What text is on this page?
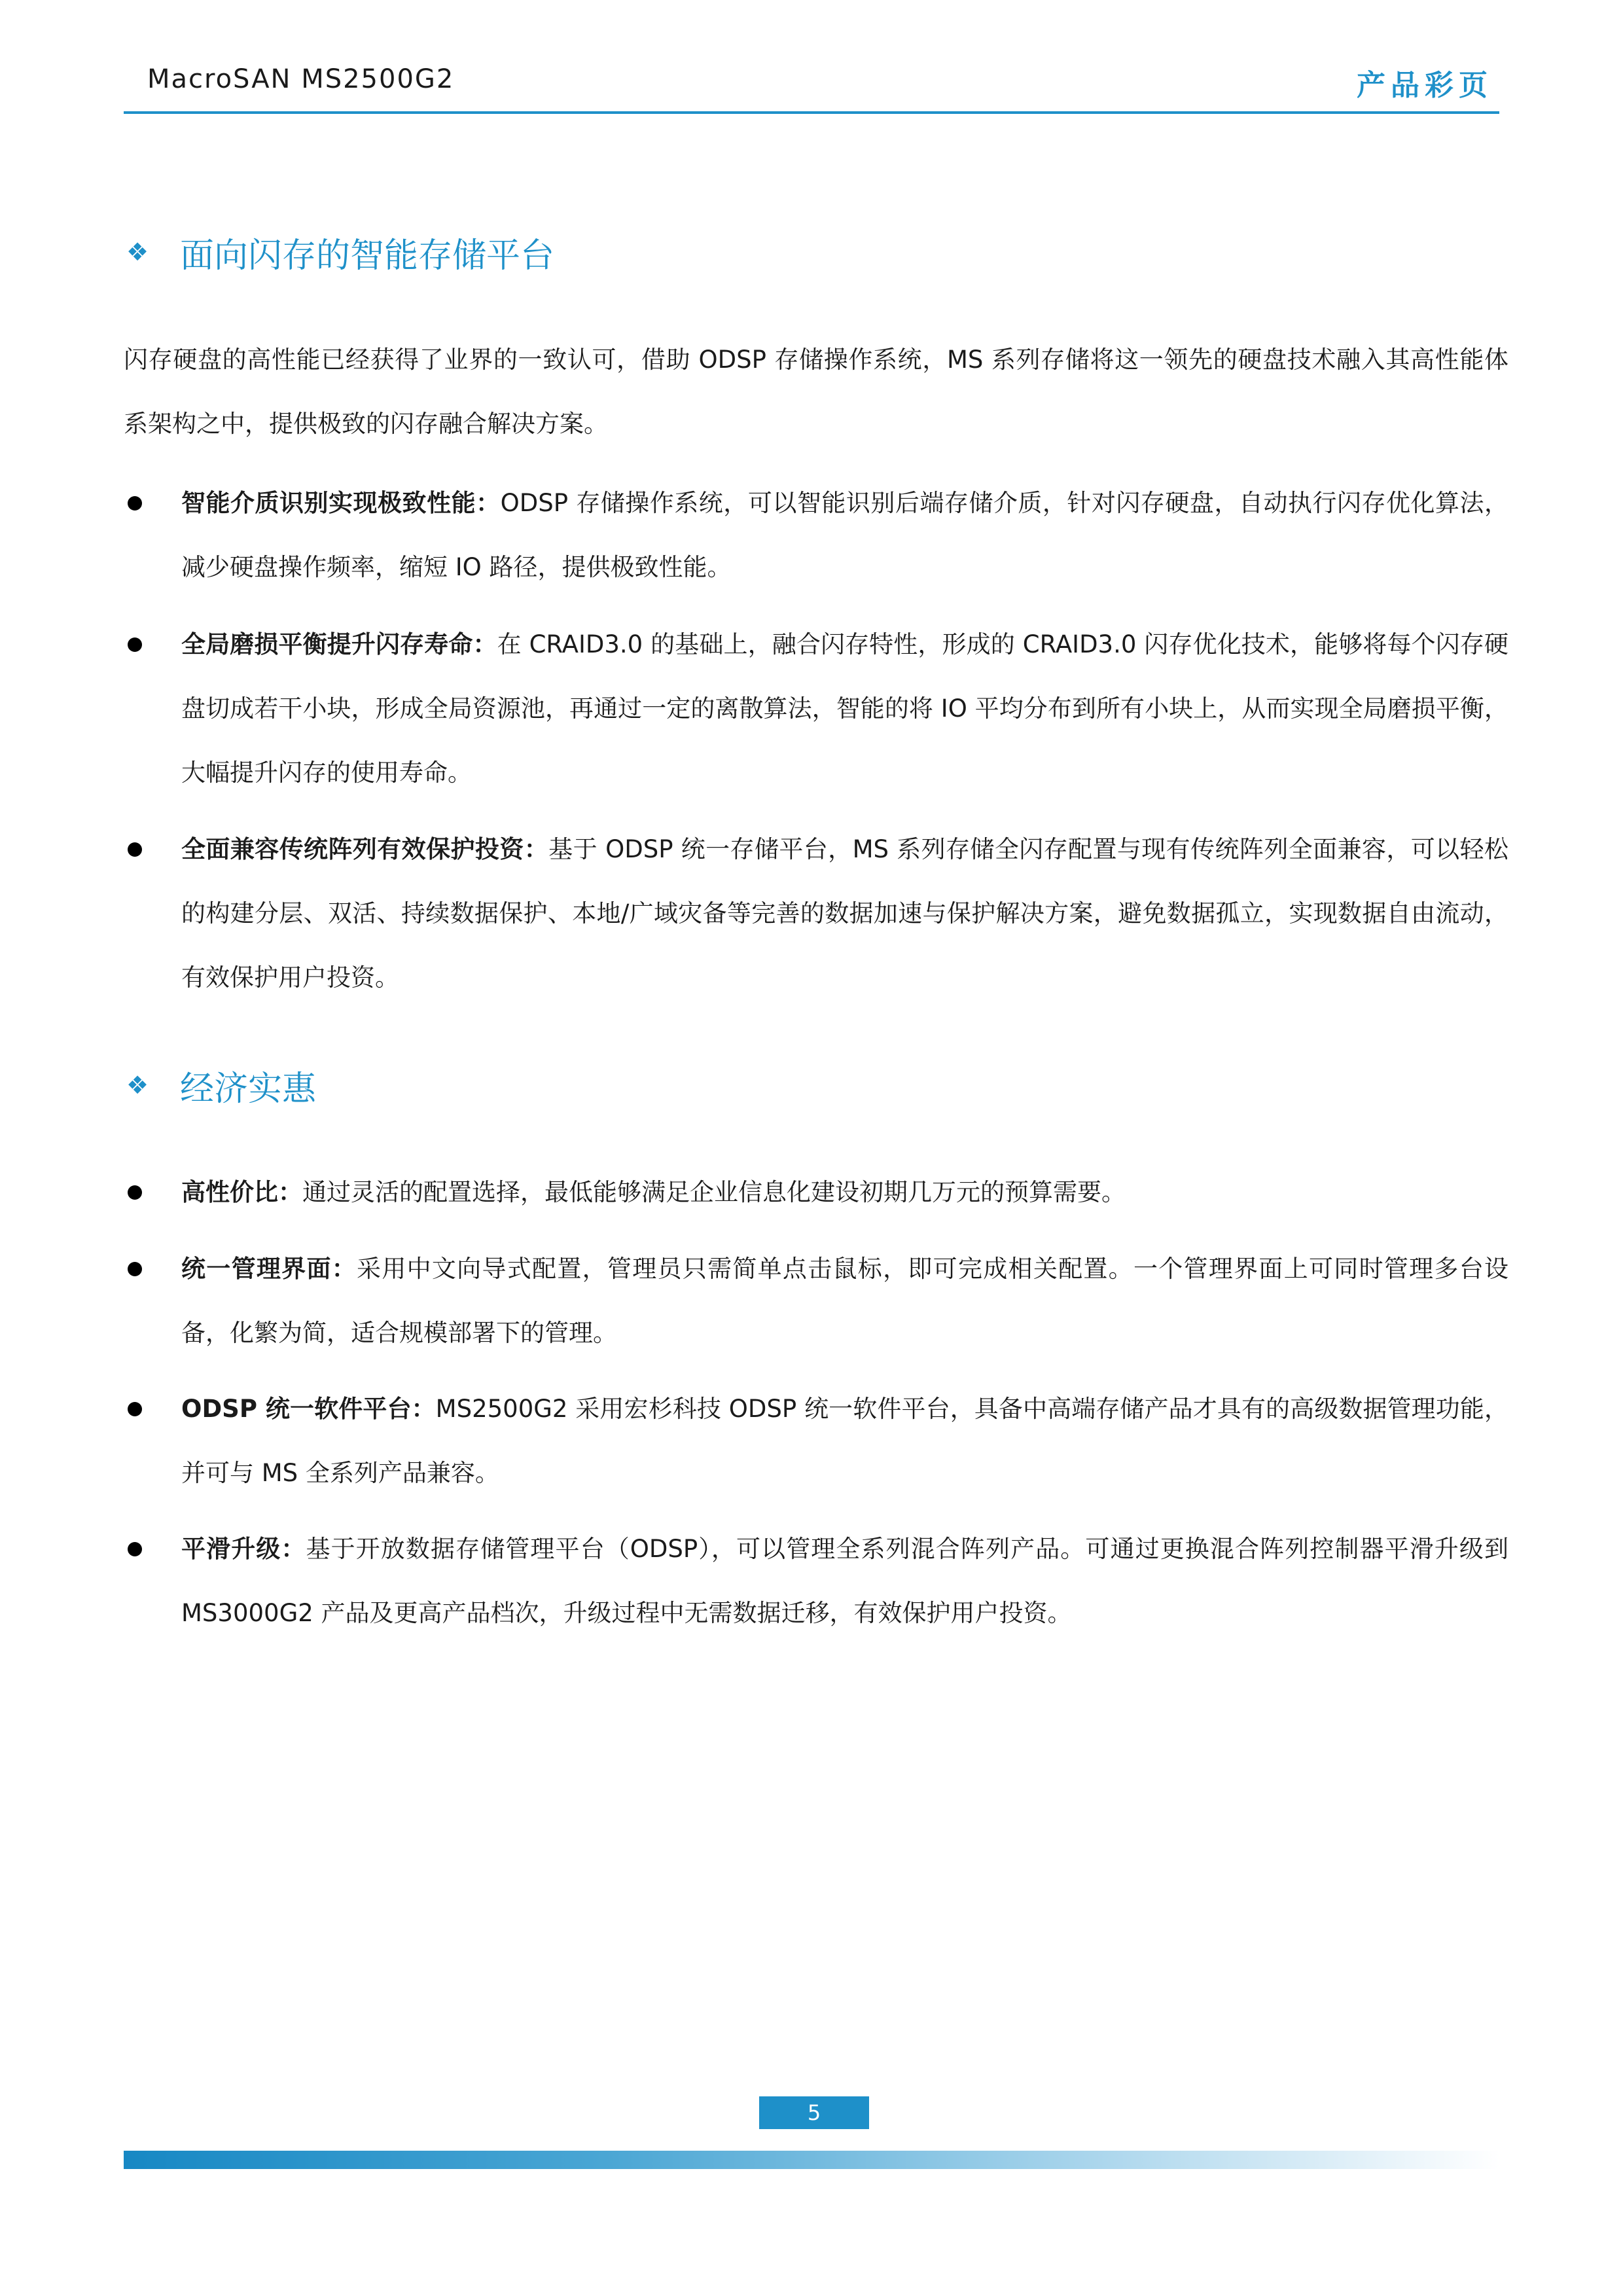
MacroSAN MS2500G2	产品彩页
❖ 面向闪存的智能存储平台

闪存硬盘的高性能已经获得了业界的一致认可，借助 ODSP 存储操作系统，MS 系列存储将这一领先的硬盘技术融入其高性能体系架构之中，提供极致的闪存融合解决方案。

智能介质识别实现极致性能：ODSP 存储操作系统，可以智能识别后端存储介质，针对闪存硬盘，自动执行闪存优化算法，减少硬盘操作频率，缩短 IO 路径，提供极致性能。
全局磨损平衡提升闪存寿命：在 CRAID3.0 的基础上，融合闪存特性，形成的 CRAID3.0 闪存优化技术，能够将每个闪存硬盘切成若干小块，形成全局资源池，再通过一定的离散算法，智能的将 IO 平均分布到所有小块上，从而实现全局磨损平衡，大幅提升闪存的使用寿命。
全面兼容传统阵列有效保护投资：基于 ODSP 统一存储平台，MS 系列存储全闪存配置与现有传统阵列全面兼容，可以轻松的构建分层、双活、持续数据保护、本地/广域灾备等完善的数据加速与保护解决方案，避免数据孤立，实现数据自由流动，有效保护用户投资。
❖ 经济实惠
高性价比：通过灵活的配置选择，最低能够满足企业信息化建设初期几万元的预算需要。
统一管理界面：采用中文向导式配置，管理员只需简单点击鼠标，即可完成相关配置。一个管理界面上可同时管理多台设备，化繁为简，适合规模部署下的管理。
ODSP 统一软件平台：MS2500G2 采用宏杉科技 ODSP 统一软件平台，具备中高端存储产品才具有的高级数据管理功能，并可与 MS 全系列产品兼容。
平滑升级：基于开放数据存储管理平台（ODSP），可以管理全系列混合阵列产品。可通过更换混合阵列控制器平滑升级到 MS3000G2 产品及更高产品档次，升级过程中无需数据迁移，有效保护用户投资。
5
